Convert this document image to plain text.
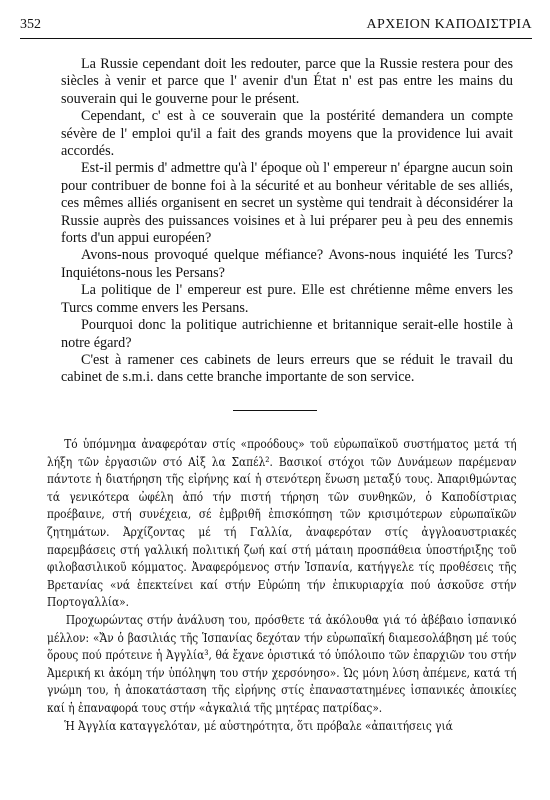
352	ΑΡΧΕΙΟΝ ΚΑΠΟΔΙΣΤΡΙΑ

La Russie cependant doit les redouter, parce que la Russie restera pour des siècles à venir et parce que l' avenir d'un État n' est pas entre les mains du souverain qui le gouverne pour le présent.

Cependant, c' est à ce souverain que la postérité demandera un compte sévère de l' emploi qu'il a fait des grands moyens que la providence lui avait accordés.

Est-il permis d' admettre qu'à l' époque où l' empereur n' épargne aucun soin pour contribuer de bonne foi à la sécurité et au bonheur véritable de ses alliés, ces mêmes alliés organisent en secret un système qui tendrait à déconsidérer la Russie auprès des puissances voisines et à lui préparer peu à peu des ennemis forts d'un appui européen?

Avons-nous provoqué quelque méfiance? Avons-nous inquiété les Turcs? Inquiétons-nous les Persans?

La politique de l' empereur est pure. Elle est chrétienne même envers les Turcs comme envers les Persans.

Pourquoi donc la politique autrichienne et britannique serait-elle hostile à notre égard?

C'est à ramener ces cabinets de leurs erreurs que se réduit le travail du cabinet de s.m.i. dans cette branche importante de son service.

Τό ὑπόμνημα ἀναφερόταν στίς «προόδους» τοῦ εὐρωπαϊκοῦ συστήματος μετά τή λήξη τῶν ἐργασιῶν στό Αἰξ λα Σαπέλ². Βασικοί στόχοι τῶν Δυνάμεων παρέμεναν πάντοτε ἡ διατήρηση τῆς εἰρήνης καί ἡ στενότερη ἕνωση μεταξύ τους. Ἀπαριθμώντας τά γενικότερα ὠφέλη ἀπό τήν πιστή τήρηση τῶν συνθηκῶν, ὁ Καποδίστριας προέβαινε, στή συνέχεια, σέ ἐμβριθῆ ἐπισκόπηση τῶν κρισιμότερων εὐρωπαϊκῶν ζητημάτων. Ἀρχίζοντας μέ τή Γαλλία, ἀναφερόταν στίς ἀγγλοαυστριακές παρεμβάσεις στή γαλλική πολιτική ζωή καί στή μάταιη προσπάθεια ὑποστήριξης τοῦ φιλοβασιλικοῦ κόμματος. Ἀναφερόμενος στήν Ἱσπανία, κατήγγελε τίς προθέσεις τῆς Βρετανίας «νά ἐπεκτείνει καί στήν Εὐρώπη τήν ἐπικυριαρχία πού ἀσκοῦσε στήν Πορτογαλλία».

Προχωρώντας στήν ἀνάλυση του, πρόσθετε τά ἀκόλουθα γιά τό ἀβέβαιο ἱσπανικό μέλλον: «Ἄν ὁ βασιλιάς τῆς Ἱσπανίας δεχόταν τήν εὐρωπαϊκή διαμεσολάβηση μέ τούς ὅρους πού πρότεινε ἡ Ἀγγλία³, θά ἔχανε ὁριστικά τό ὑπόλοιπο τῶν ἐπαρχιῶν του στήν Ἀμερική κι ἀκόμη τήν ὑπόληψη του στήν χερσόνησο». Ὡς μόνη λύση ἀπέμενε, κατά τή γνώμη του, ἡ ἀποκατάσταση τῆς εἰρήνης στίς ἐπαναστατημένες ἱσπανικές ἀποικίες καί ἡ ἐπαναφορά τους στήν «ἀγκαλιά τῆς μητέρας πατρίδας».

Ἡ Ἀγγλία καταγγελόταν, μέ αὐστηρότητα, ὅτι πρόβαλε «ἀπαιτήσεις γιά
